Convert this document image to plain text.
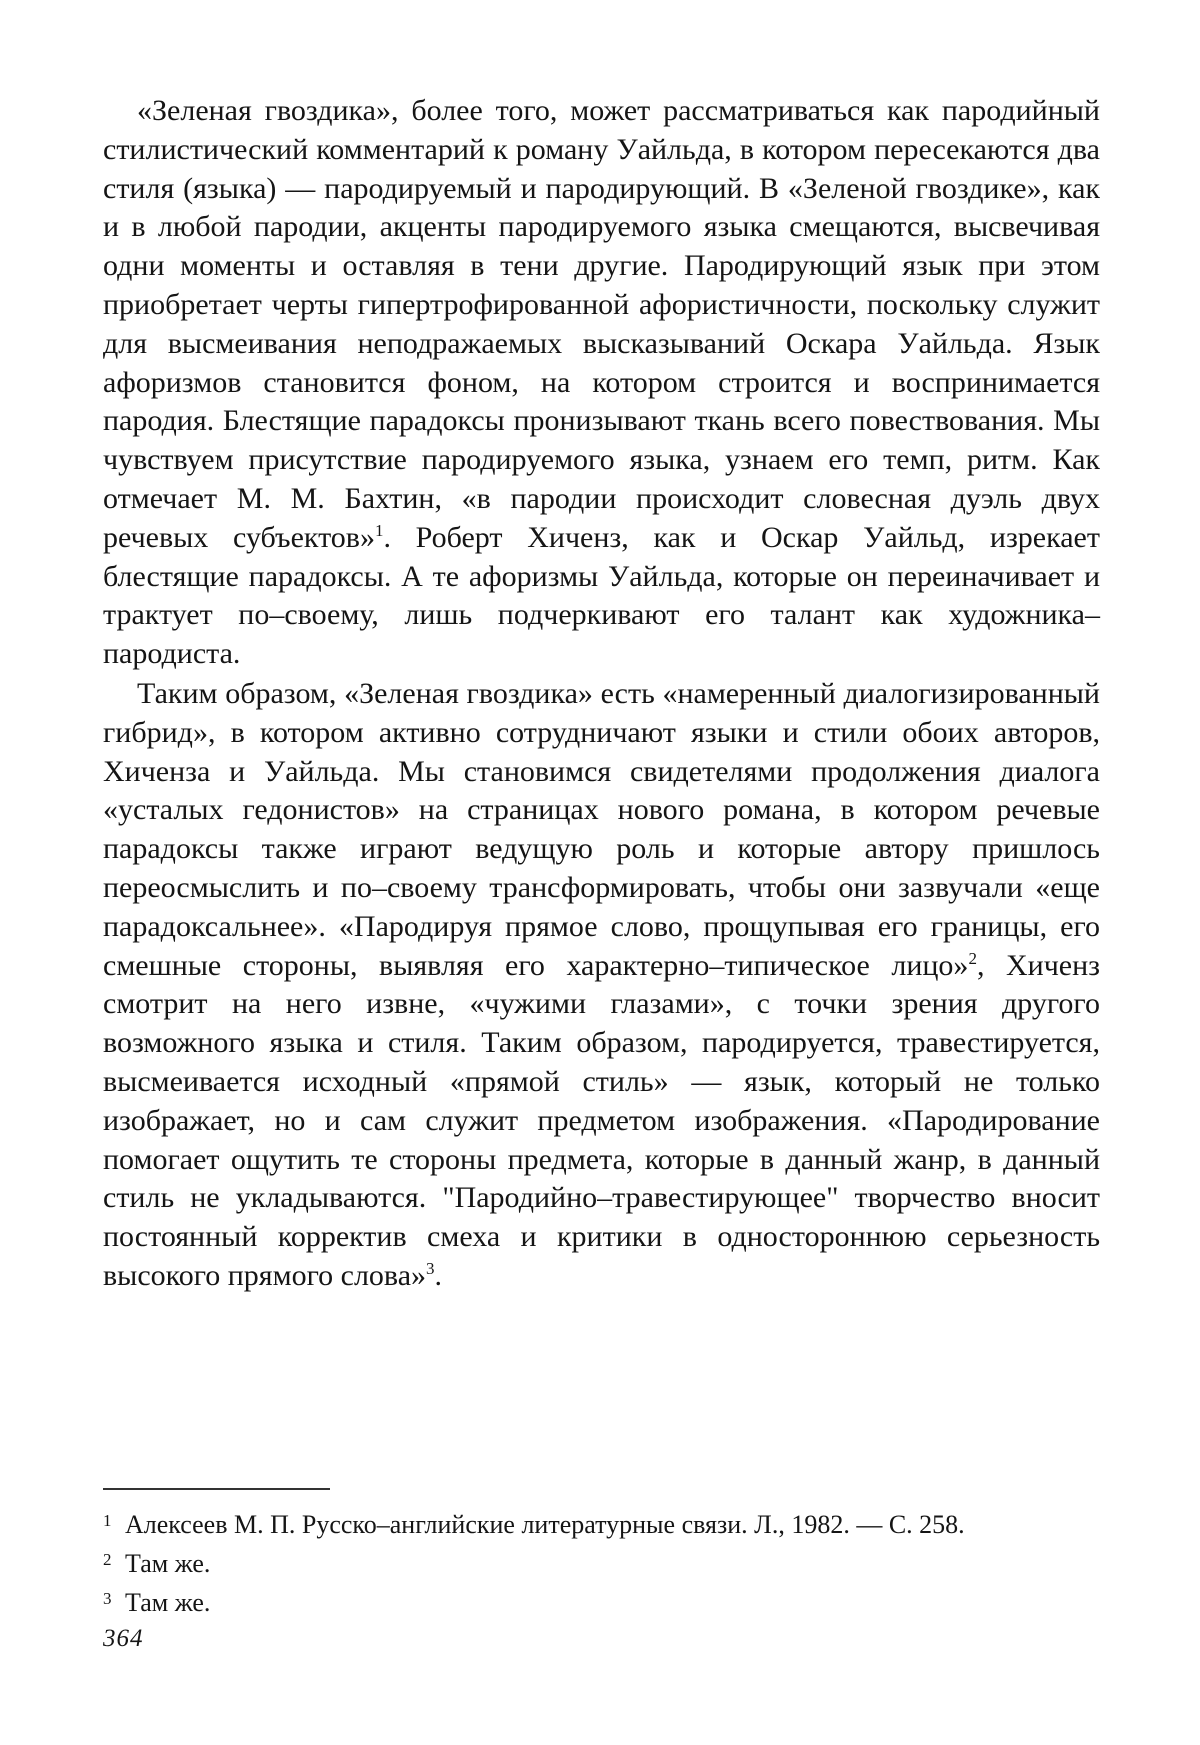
«Зеленая гвоздика», более того, может рассматриваться как пародийный стилистический комментарий к роману Уайльда, в котором пересекаются два стиля (языка) — пародируемый и пародирующий. В «Зеленой гвоздике», как и в любой пародии, акценты пародируемого языка смещаются, высвечивая одни моменты и оставляя в тени другие. Пародирующий язык при этом приобретает черты гипертрофированной афористичности, поскольку служит для высмеивания неподражаемых высказываний Оскара Уайльда. Язык афоризмов становится фоном, на котором строится и воспринимается пародия. Блестящие парадоксы пронизывают ткань всего повествования. Мы чувствуем присутствие пародируемого языка, узнаем его темп, ритм. Как отмечает М. М. Бахтин, «в пародии происходит словесная дуэль двух речевых субъектов»$^1$. Роберт Хиченз, как и Оскар Уайльд, изрекает блестящие парадоксы. А те афоризмы Уайльда, которые он переиначивает и трактует по–своему, лишь подчеркивают его талант как художника–пародиста.

Таким образом, «Зеленая гвоздика» есть «намеренный диалогизированный гибрид», в котором активно сотрудничают языки и стили обоих авторов, Хиченза и Уайльда. Мы становимся свидетелями продолжения диалога «усталых гедонистов» на страницах нового романа, в котором речевые парадоксы также играют ведущую роль и которые автору пришлось переосмыслить и по–своему трансформировать, чтобы они зазвучали «еще парадоксальнее». «Пародируя прямое слово, прощупывая его границы, его смешные стороны, выявляя его характерно–типическое лицо»$^2$, Хиченз смотрит на него извне, «чужими глазами», с точки зрения другого возможного языка и стиля. Таким образом, пародируется, травестируется, высмеивается исходный «прямой стиль» — язык, который не только изображает, но и сам служит предметом изображения. «Пародирование помогает ощутить те стороны предмета, которые в данный жанр, в данный стиль не укладываются. "Пародийно–травестирующее" творчество вносит постоянный корректив смеха и критики в одностороннюю серьезность высокого прямого слова»$^3$.

1 Алексеев М. П. Русско–английские литературные связи. Л., 1982. — С. 258.
2 Там же.
3 Там же.
364
